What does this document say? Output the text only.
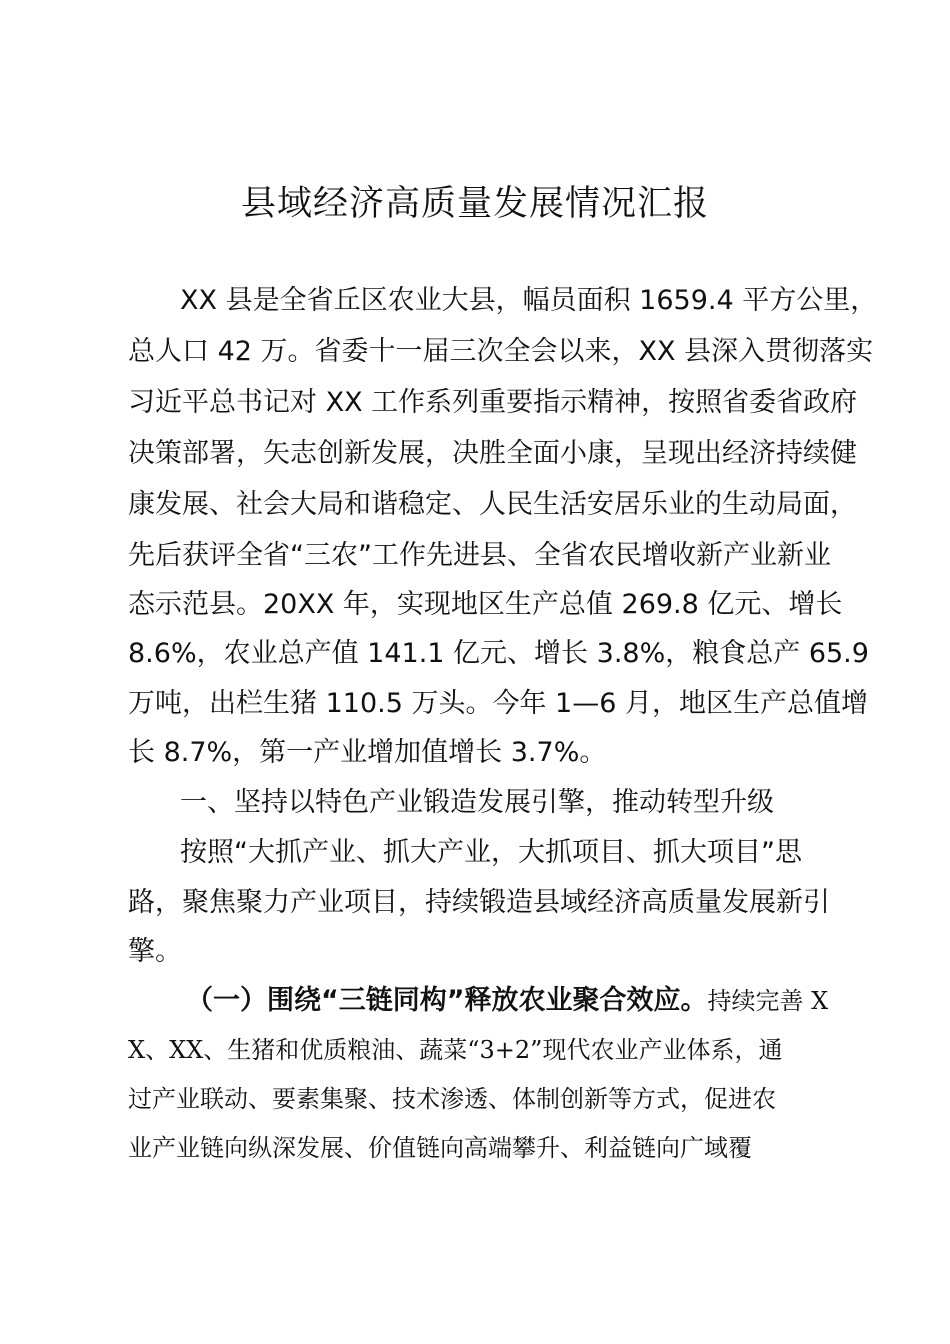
县域经济高质量发展情况汇报
XX 县是全省丘区农业大县，幅员面积 1659.4 平方公里，
总人口 42 万。省委十一届三次全会以来，XX 县深入贯彻落实
习近平总书记对 XX 工作系列重要指示精神，按照省委省政府
决策部署，矢志创新发展，决胜全面小康，呈现出经济持续健
康发展、社会大局和谐稳定、人民生活安居乐业的生动局面，
先后获评全省“三农”工作先进县、全省农民增收新产业新业
态示范县。20XX 年，实现地区生产总值 269.8 亿元、增长
8.6%，农业总产值 141.1 亿元、增长 3.8%，粮食总产 65.9
万吨，出栏生猪 110.5 万头。今年 1—6 月，地区生产总值增
长 8.7%，第一产业增加值增长 3.7%。
一、坚持以特色产业锻造发展引擎，推动转型升级
按照“大抓产业、抓大产业，大抓项目、抓大项目”思
路，聚焦聚力产业项目，持续锻造县域经济高质量发展新引
擎。
（一）围绕“三链同构”释放农业聚合效应。持续完善 X
X、XX、生猪和优质粮油、蔬菜“3+2”现代农业产业体系，通
过产业联动、要素集聚、技术渗透、体制创新等方式，促进农
业产业链向纵深发展、价值链向高端攀升、利益链向广域覆
